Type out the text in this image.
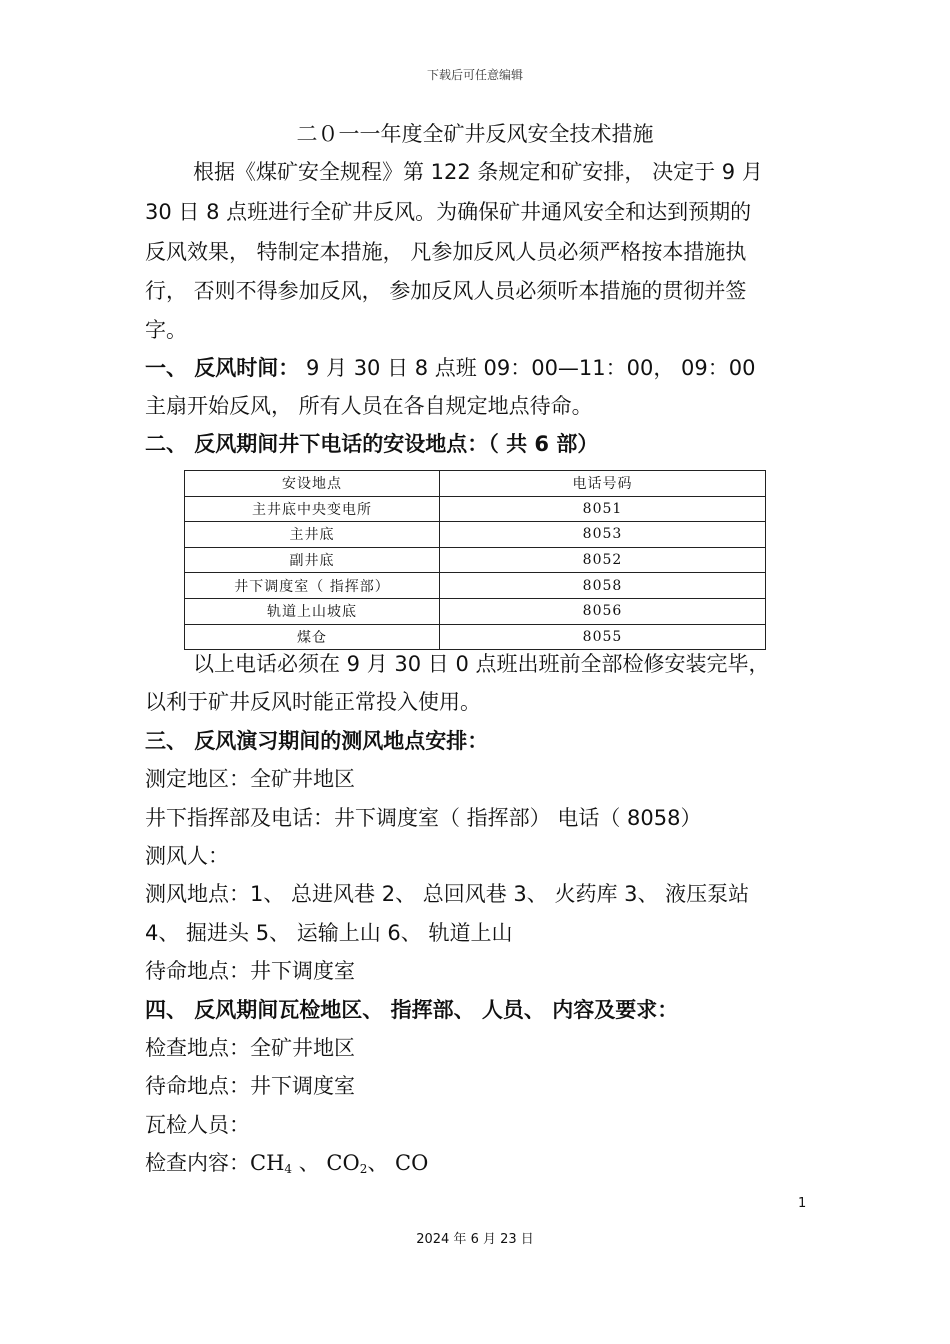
下载后可任意编辑
二０一一年度全矿井反风安全技术措施
根据《煤矿安全规程》第 122 条规定和矿安排， 决定于 9 月
30 日 8 点班进行全矿井反风。为确保矿井通风安全和达到预期的
反风效果， 特制定本措施， 凡参加反风人员必须严格按本措施执
行， 否则不得参加反风， 参加反风人员必须听本措施的贯彻并签
字。
一、 反风时间： 9 月 30 日 8 点班 09：00—11：00， 09：00
主扇开始反风， 所有人员在各自规定地点待命。
二、 反风期间井下电话的安设地点：（ 共 6 部）
安设地点	电话号码
主井底中央变电所	8051
主井底	8053
副井底	8052
井下调度室（ 指挥部）	8058
轨道上山坡底	8056
煤仓	8055
以上电话必须在 9 月 30 日 0 点班出班前全部检修安装完毕，
以利于矿井反风时能正常投入使用。
三、 反风演习期间的测风地点安排：
测定地区：全矿井地区
井下指挥部及电话：井下调度室（ 指挥部） 电话（ 8058）
测风人：
测风地点：1、 总进风巷 2、 总回风巷 3、 火药库 3、 液压泵站
4、 掘进头 5、 运输上山 6、 轨道上山
待命地点：井下调度室
四、 反风期间瓦检地区、 指挥部、 人员、 内容及要求：
检查地点：全矿井地区
待命地点：井下调度室
瓦检人员：
检查内容：$CH_4$ 、 $CO_2$、 CO
1
2024 年 6 月 23 日
